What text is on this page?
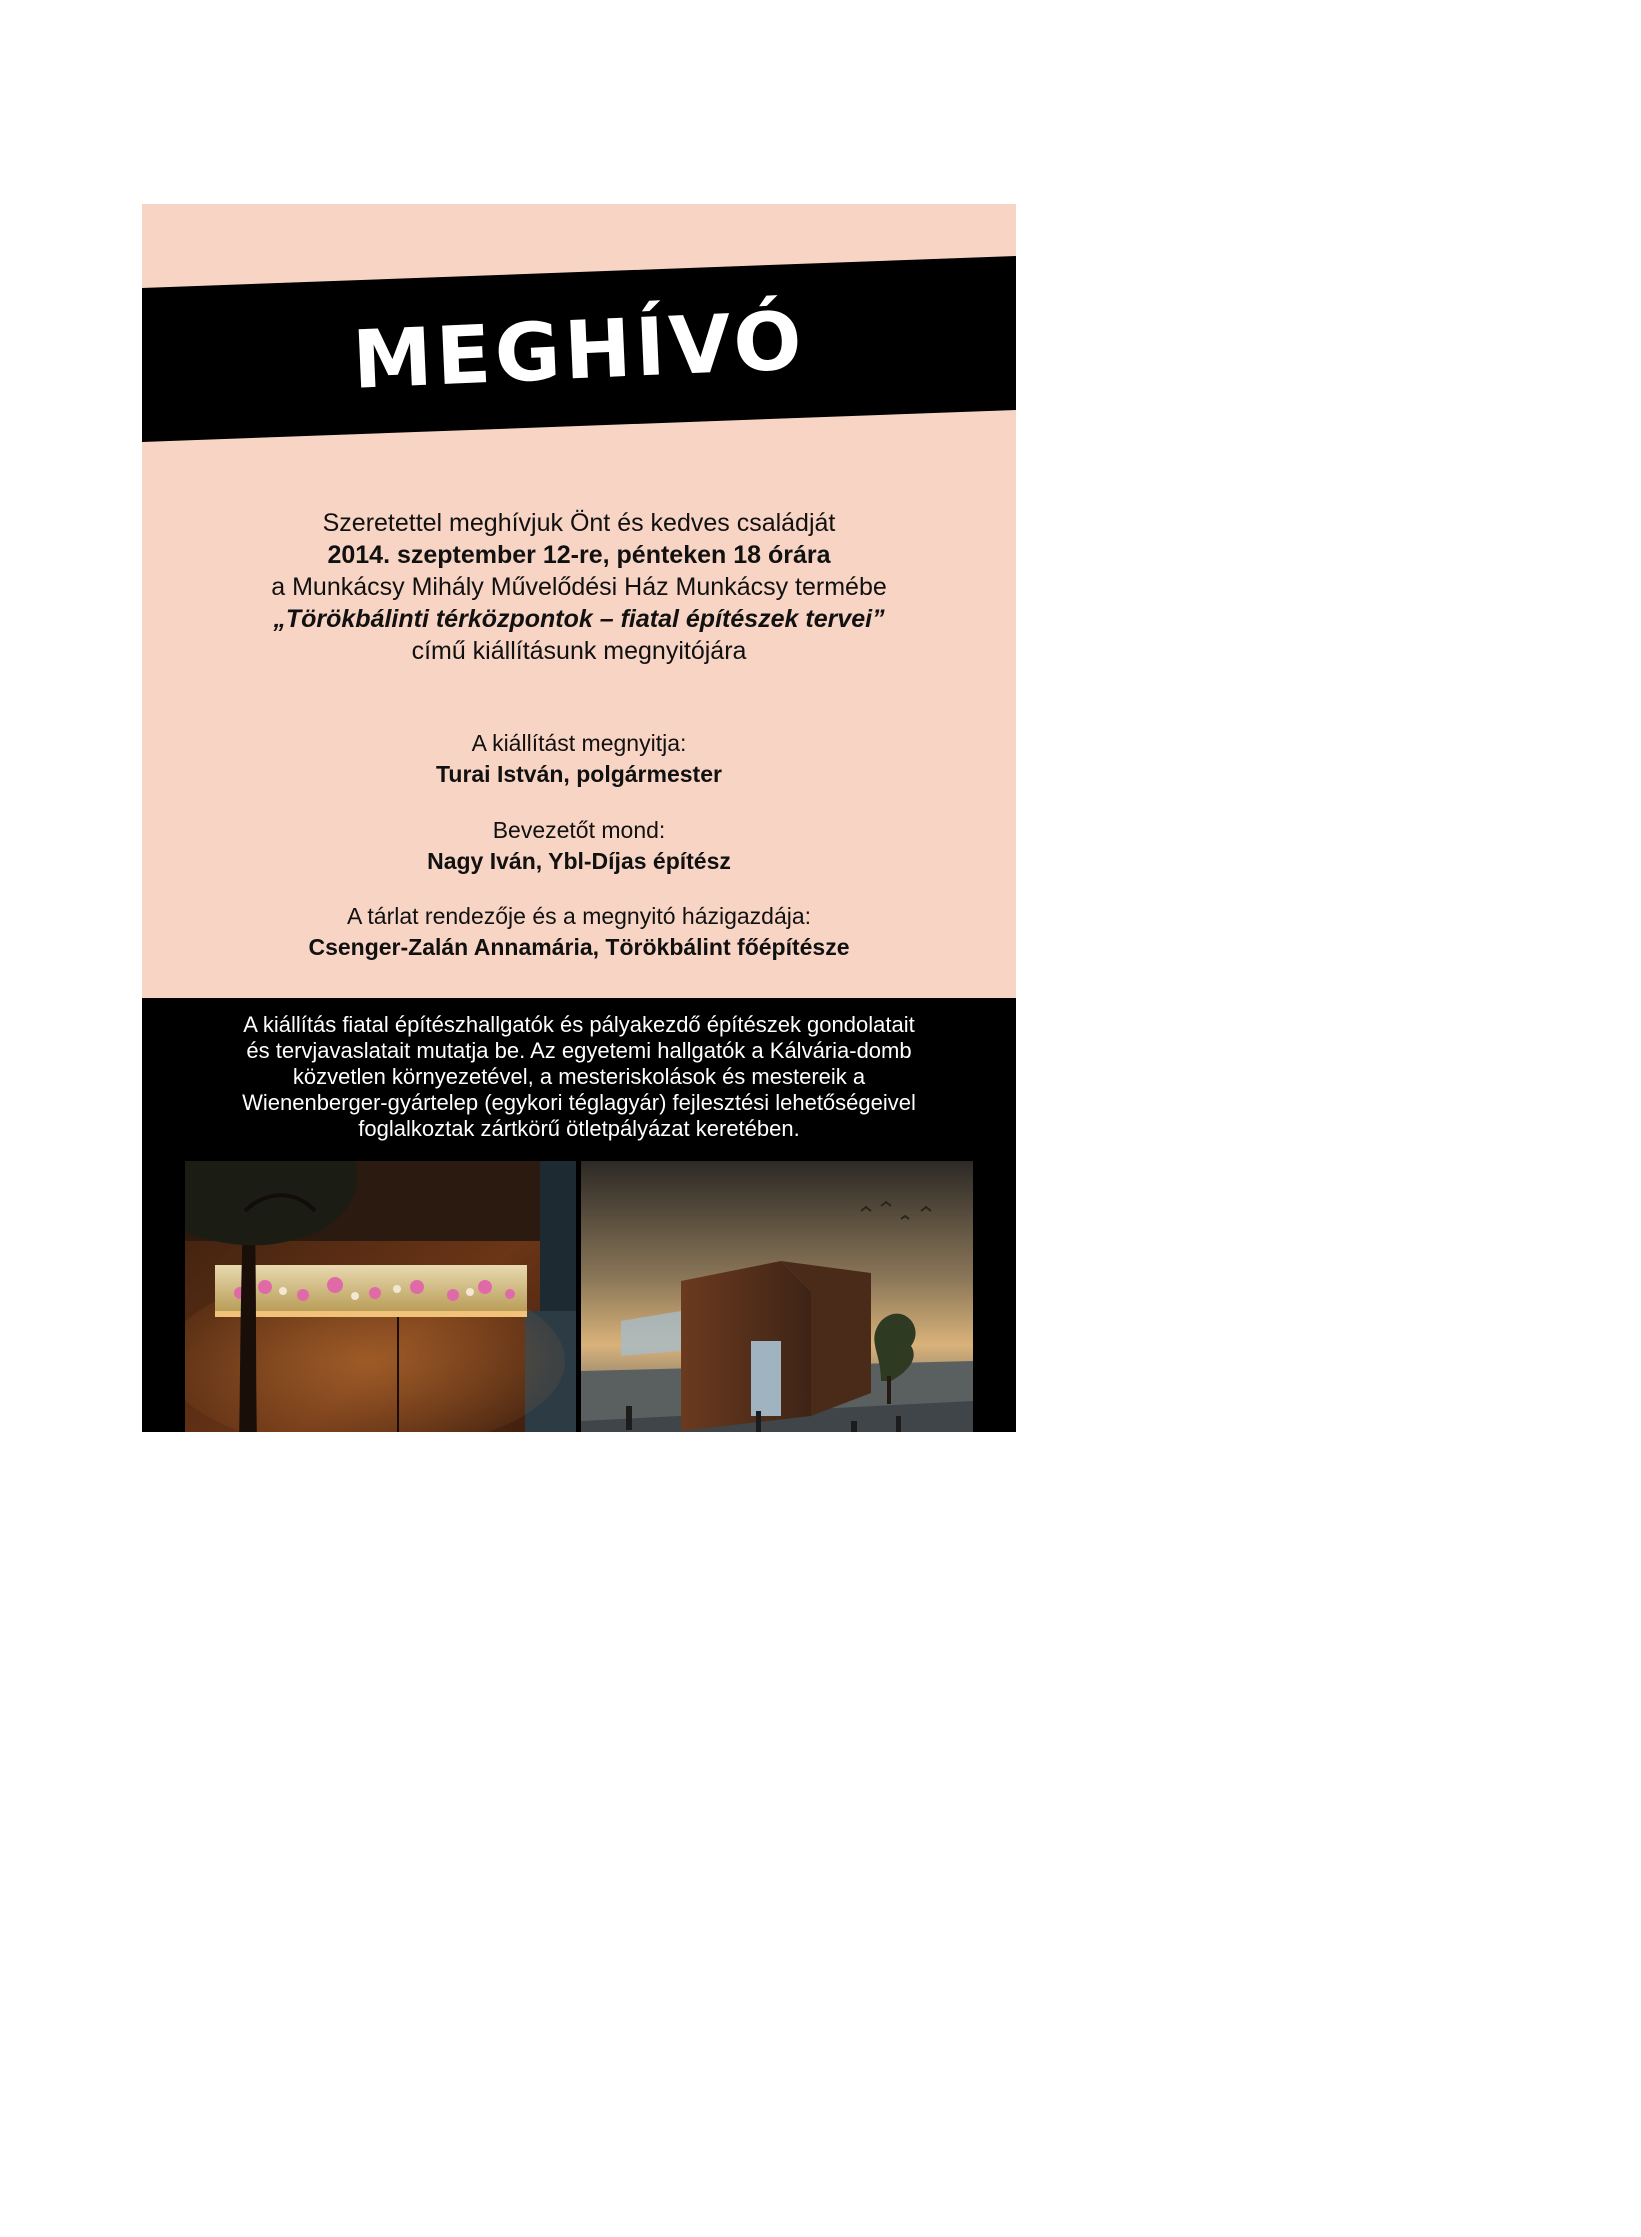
MEGHÍVÓ
Szeretettel meghívjuk Önt és kedves családját
2014. szeptember 12-re, pénteken 18 órára
a Munkácsy Mihály Művelődési Ház Munkácsy termébe
„Törökbálinti térközpontok – fiatal építészek tervei”
című kiállításunk megnyitójára
A kiállítást megnyitja:
Turai István, polgármester
Bevezetőt mond:
Nagy Iván, Ybl-Díjas építész
A tárlat rendezője és a megnyitó házigazdája:
Csenger-Zalán Annamária, Törökbálint főépítésze
A kiállítás fiatal építészhallgatók és pályakezdő építészek gondolatait
és tervjavaslatait mutatja be. Az egyetemi hallgatók a Kálvária-domb
közvetlen környezetével, a mesteriskolások és mestereik a
Wienenberger-gyártelep (egykori téglagyár) fejlesztési lehetőségeivel
foglalkoztak zártkörű ötletpályázat keretében.
